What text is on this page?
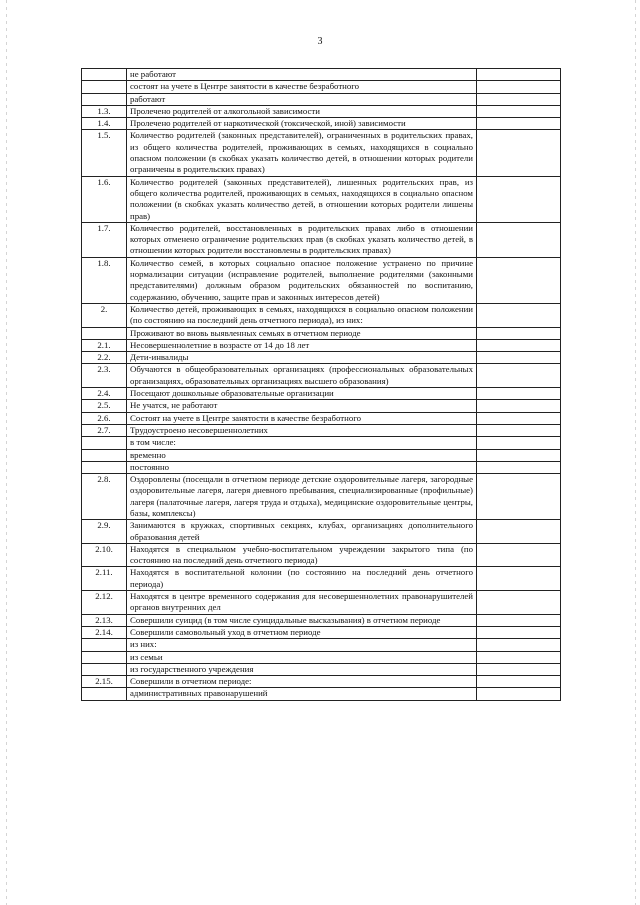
3
	не работают	
	состоят на учете в Центре занятости в качестве безработного	
	работают	
1.3.	Пролечено родителей от алкогольной зависимости	
1.4.	Пролечено родителей от наркотической (токсической, иной) зависимости	
1.5.	Количество родителей (законных представителей), ограниченных в родительских правах, из общего количества родителей, проживающих в семьях, находящихся в социально опасном положении (в скобках указать количество детей, в отношении которых родители ограничены в родительских правах)	
1.6.	Количество родителей (законных представителей), лишенных родительских прав, из общего количества родителей, проживающих в семьях, находящихся в социально опасном положении (в скобках указать количество детей, в отношении которых родители лишены прав)	
1.7.	Количество родителей, восстановленных в родительских правах либо в отношении которых отменено ограничение родительских прав (в скобках указать количество детей, в отношении которых родители восстановлены в родительских правах)	
1.8.	Количество семей, в которых социально опасное положение устранено по причине нормализации ситуации (исправление родителей, выполнение родителями (законными представителями) должным образом родительских обязанностей по воспитанию, содержанию, обучению, защите прав и законных интересов детей)	
2.	Количество детей, проживающих в семьях, находящихся в социально опасном положении (по состоянию на последний день отчетного периода), из них:	
	Проживают во вновь выявленных семьях в отчетном периоде	
2.1.	Несовершеннолетние в возрасте от 14 до 18 лет	
2.2.	Дети-инвалиды	
2.3.	Обучаются в общеобразовательных организациях (профессиональных образовательных организациях, образовательных организациях высшего образования)	
2.4.	Посещают дошкольные образовательные организации	
2.5.	Не учатся, не работают	
2.6.	Состоят на учете в Центре занятости в качестве безработного	
2.7.	Трудоустроено несовершеннолетних	
	в том числе:	
	временно	
	постоянно	
2.8.	Оздоровлены (посещали в отчетном периоде детские оздоровительные лагеря, загородные оздоровительные лагеря, лагеря дневного пребывания, специализированные (профильные) лагеря (палаточные лагеря, лагеря труда и отдыха), медицинские оздоровительные центры, базы, комплексы)	
2.9.	Занимаются в кружках, спортивных секциях, клубах, организациях дополнительного образования детей	
2.10.	Находятся в специальном учебно-воспитательном учреждении закрытого типа (по состоянию на последний день отчетного периода)	
2.11.	Находятся в воспитательной колонии (по состоянию на последний день отчетного периода)	
2.12.	Находятся в центре временного содержания для несовершеннолетних правонарушителей органов внутренних дел	
2.13.	Совершили суицид (в том числе суицидальные высказывания) в отчетном периоде	
2.14.	Совершили самовольный уход в отчетном периоде	
	из них:	
	из семьи	
	из государственного учреждения	
2.15.	Совершили в отчетном периоде:	
	административных правонарушений	
